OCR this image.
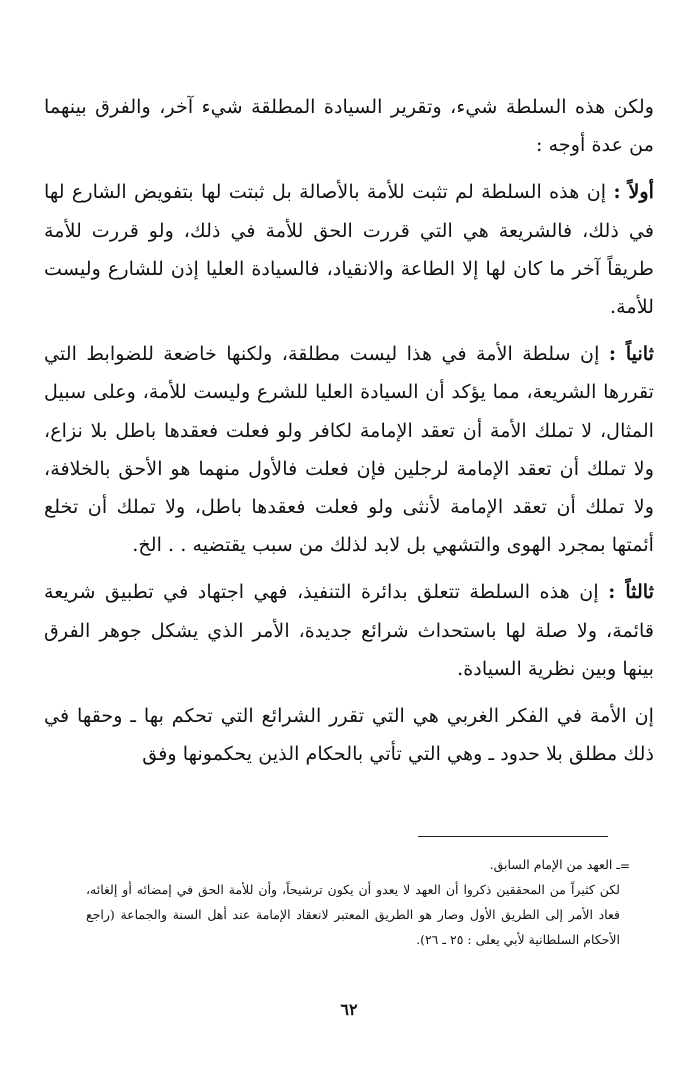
ولكن هذه السلطة شيء، وتقرير السيادة المطلقة شيء آخر، والفرق بينهما من عدة أوجه :

أولاً : إن هذه السلطة لم تثبت للأمة بالأصالة بل ثبتت لها بتفويض الشارع لها في ذلك، فالشريعة هي التي قررت الحق للأمة في ذلك، ولو قررت للأمة طريقاً آخر ما كان لها إلا الطاعة والانقياد، فالسيادة العليا إذن للشارع وليست للأمة.

ثانياً : إن سلطة الأمة في هذا ليست مطلقة، ولكنها خاضعة للضوابط التي تقررها الشريعة، مما يؤكد أن السيادة العليا للشرع وليست للأمة، وعلى سبيل المثال، لا تملك الأمة أن تعقد الإمامة لكافر ولو فعلت فعقدها باطل بلا نزاع، ولا تملك أن تعقد الإمامة لرجلين فإن فعلت فالأول منهما هو الأحق بالخلافة، ولا تملك أن تعقد الإمامة لأنثى ولو فعلت فعقدها باطل، ولا تملك أن تخلع أئمتها بمجرد الهوى والتشهي بل لابد لذلك من سبب يقتضيه . . الخ.

ثالثاً : إن هذه السلطة تتعلق بدائرة التنفيذ، فهي اجتهاد في تطبيق شريعة قائمة، ولا صلة لها باستحداث شرائع جديدة، الأمر الذي يشكل جوهر الفرق بينها وبين نظرية السيادة.

إن الأمة في الفكر الغربي هي التي تقرر الشرائع التي تحكم بها ـ وحقها في ذلك مطلق بلا حدود ـ وهي التي تأتي بالحكام الذين يحكمونها وفق

=

ـ العهد من الإمام السابق.

لكن كثيراً من المحققين ذكروا أن العهد لا يعدو أن يكون ترشيحاً، وأن للأمة الحق في إمضائه أو إلغائه، فعاد الأمر إلى الطريق الأول وصار هو الطريق المعتبر لانعقاد الإمامة عند أهل السنة والجماعة (راجع الأحكام السلطانية لأبي يعلى : ٢٥ ـ ٢٦).

٦٢
